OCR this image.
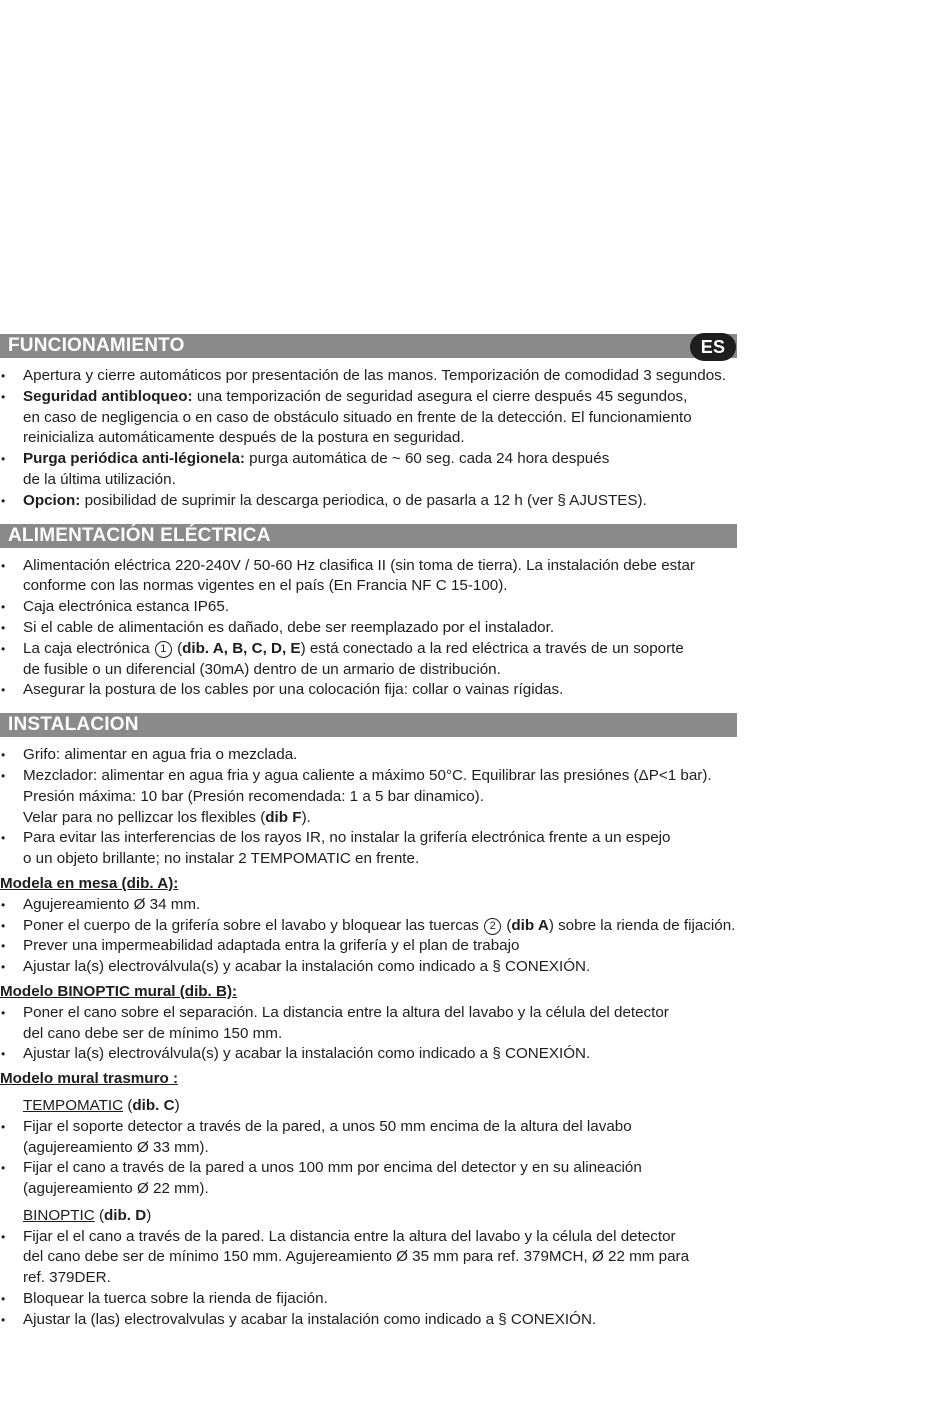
FUNCIONAMIENTO	ES
• Apertura y cierre automáticos por presentación de las manos. Temporización de comodidad 3 segundos.
• Seguridad antibloqueo: una temporización de seguridad asegura el cierre después 45 segundos,
en caso de negligencia o en caso de obstáculo situado en frente de la detección. El funcionamiento
reinicializa automáticamente después de la postura en seguridad.
• Purga periódica anti-légionela: purga automática de ~ 60 seg. cada 24 hora después
de la última utilización.
• Opcion: posibilidad de suprimir la descarga periodica, o de pasarla a 12 h (ver § AJUSTES).
ALIMENTACIÓN ELÉCTRICA
• Alimentación eléctrica 220-240V / 50-60 Hz clasifica II (sin toma de tierra). La instalación debe estar
conforme con las normas vigentes en el país (En Francia NF C 15-100).
• Caja electrónica estanca IP65.
• Si el cable de alimentación es dañado, debe ser reemplazado por el instalador.
• La caja electrónica 1 (dib. A, B, C, D, E) está conectado a la red eléctrica a través de un soporte
de fusible o un diferencial (30mA) dentro de un armario de distribución.
• Asegurar la postura de los cables por una colocación fija: collar o vainas rígidas.
INSTALACION
• Grifo: alimentar en agua fria o mezclada.
• Mezclador: alimentar en agua fria y agua caliente a máximo 50°C. Equilibrar las presiónes (ΔP<1 bar).
Presión máxima: 10 bar (Presión recomendada: 1 a 5 bar dinamico).
Velar para no pellizcar los flexibles (dib F).
• Para evitar las interferencias de los rayos IR, no instalar la grifería electrónica frente a un espejo
o un objeto brillante; no instalar 2 TEMPOMATIC en frente.
Modela en mesa (dib. A):
• Agujereamiento Ø 34 mm.
• Poner el cuerpo de la grifería sobre el lavabo y bloquear las tuercas 2 (dib A) sobre la rienda de fijación.
• Prever una impermeabilidad adaptada entra la grifería y el plan de trabajo
• Ajustar la(s) electroválvula(s) y acabar la instalación como indicado a § CONEXIÓN.
Modelo BINOPTIC mural (dib. B):
• Poner el cano sobre el separación. La distancia entre la altura del lavabo y la célula del detector
del cano debe ser de mínimo 150 mm.
• Ajustar la(s) electroválvula(s) y acabar la instalación como indicado a § CONEXIÓN.
Modelo mural trasmuro :
TEMPOMATIC (dib. C)
• Fijar el soporte detector a través de la pared, a unos 50 mm encima de la altura del lavabo
(agujereamiento Ø 33 mm).
• Fijar el cano a través de la pared a unos 100 mm por encima del detector y en su alineación
(agujereamiento Ø 22 mm).
BINOPTIC (dib. D)
• Fijar el el cano a través de la pared. La distancia entre la altura del lavabo y la célula del detector
del cano debe ser de mínimo 150 mm. Agujereamiento Ø 35 mm para ref. 379MCH, Ø 22 mm para
ref. 379DER.
• Bloquear la tuerca sobre la rienda de fijación.
• Ajustar la (las) electrovalvulas y acabar la instalación como indicado a § CONEXIÓN.
